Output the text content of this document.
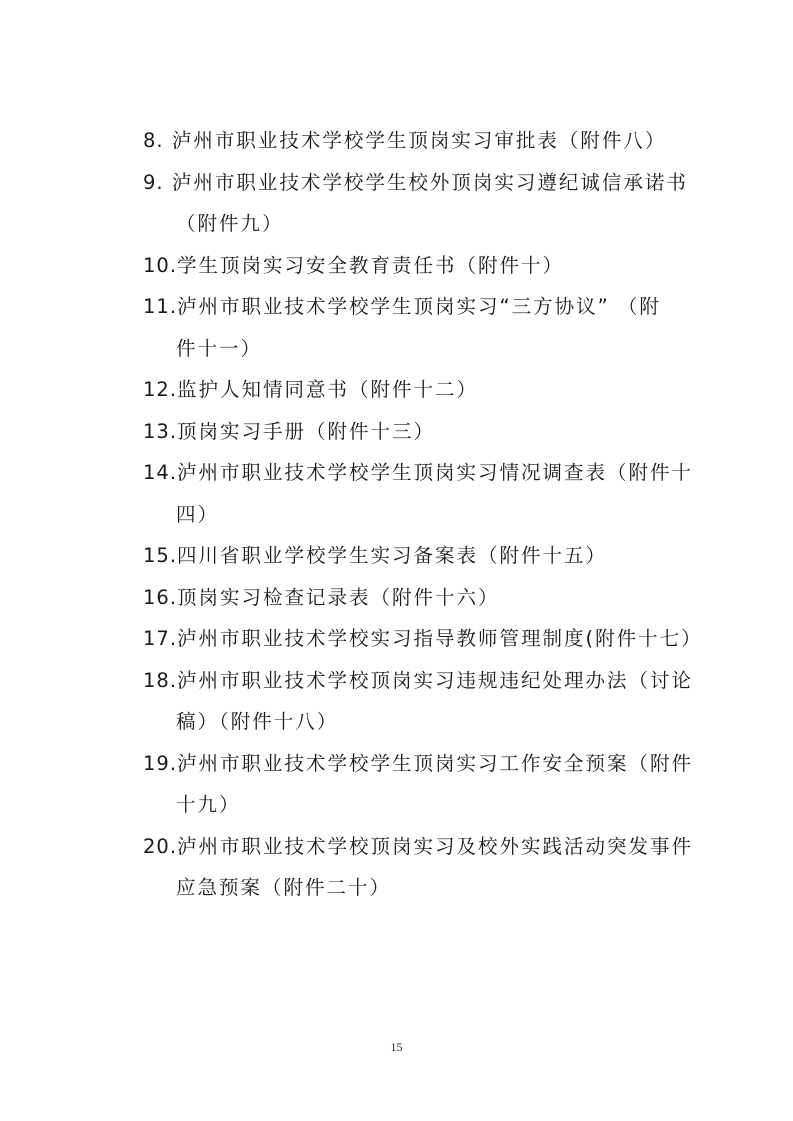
8. 泸州市职业技术学校学生顶岗实习审批表（附件八）
9. 泸州市职业技术学校学生校外顶岗实习遵纪诚信承诺书
（附件九）
10.学生顶岗实习安全教育责任书（附件十）
11.泸州市职业技术学校学生顶岗实习“三方协议” （附
件十一）
12.监护人知情同意书（附件十二）
13.顶岗实习手册（附件十三）
14.泸州市职业技术学校学生顶岗实习情况调查表（附件十
四）
15.四川省职业学校学生实习备案表（附件十五）
16.顶岗实习检查记录表（附件十六）
17.泸州市职业技术学校实习指导教师管理制度(附件十七）
18.泸州市职业技术学校顶岗实习违规违纪处理办法（讨论
稿）（附件十八）
19.泸州市职业技术学校学生顶岗实习工作安全预案（附件
十九）
20.泸州市职业技术学校顶岗实习及校外实践活动突发事件
应急预案（附件二十）
15
